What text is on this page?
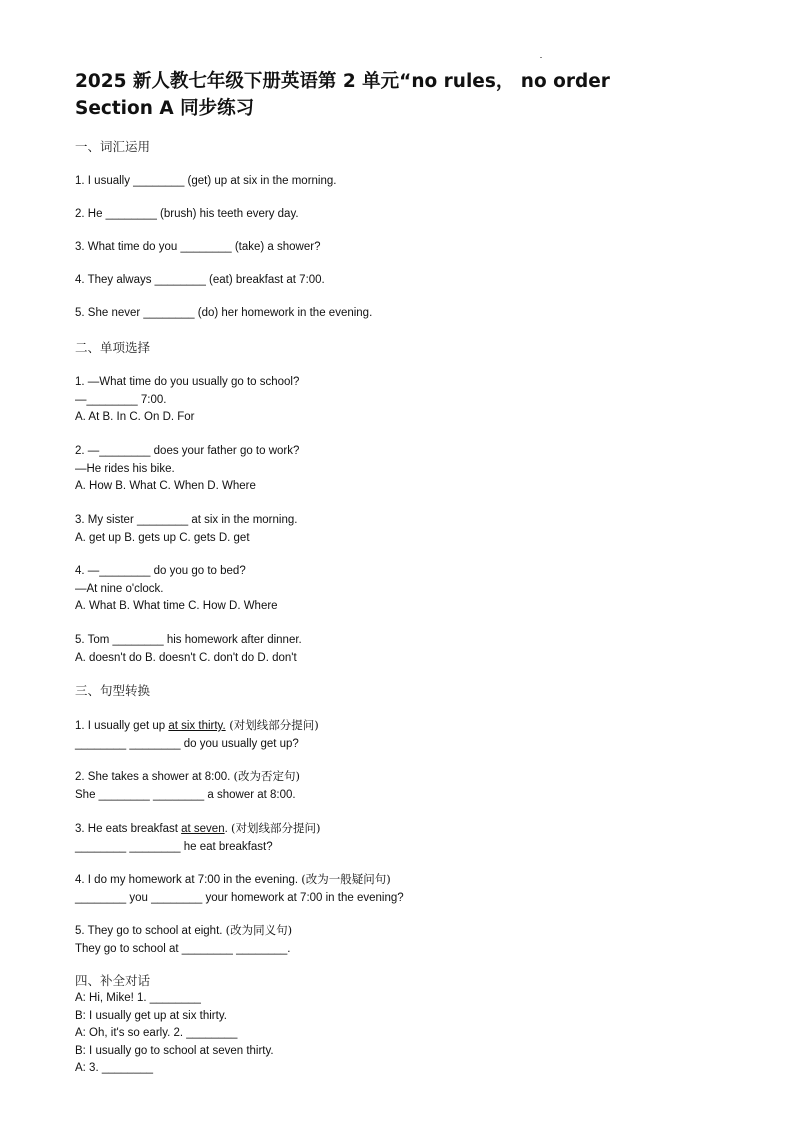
2025 新人教七年级下册英语第 2 单元“no rules， no order
Section A 同步练习
一、词汇运用
1. I usually ________ (get) up at six in the morning.
2. He ________ (brush) his teeth every day.
3. What time do you ________ (take) a shower?
4. They always ________ (eat) breakfast at 7:00.
5. She never ________ (do) her homework in the evening.
二、单项选择
1. —What time do you usually go to school?
—________ 7:00.
A. At B. In C. On D. For
2. —________ does your father go to work?
—He rides his bike.
A. How B. What C. When D. Where
3. My sister ________ at six in the morning.
A. get up B. gets up C. gets D. get
4. —________ do you go to bed?
—At nine o'clock.
A. What B. What time C. How D. Where
5. Tom ________ his homework after dinner.
A. doesn't do B. doesn't C. don't do D. don't
三、句型转换
1. I usually get up at six thirty. (对划线部分提问)
________ ________ do you usually get up?
2. She takes a shower at 8:00. (改为否定句)
She ________ ________ a shower at 8:00.
3. He eats breakfast at seven. (对划线部分提问)
________ ________ he eat breakfast?
4. I do my homework at 7:00 in the evening. (改为一般疑问句)
________ you ________ your homework at 7:00 in the evening?
5. They go to school at eight. (改为同义句)
They go to school at ________ ________.
四、补全对话
A: Hi, Mike! 1. ________
B: I usually get up at six thirty.
A: Oh, it's so early. 2. ________
B: I usually go to school at seven thirty.
A: 3. ________
